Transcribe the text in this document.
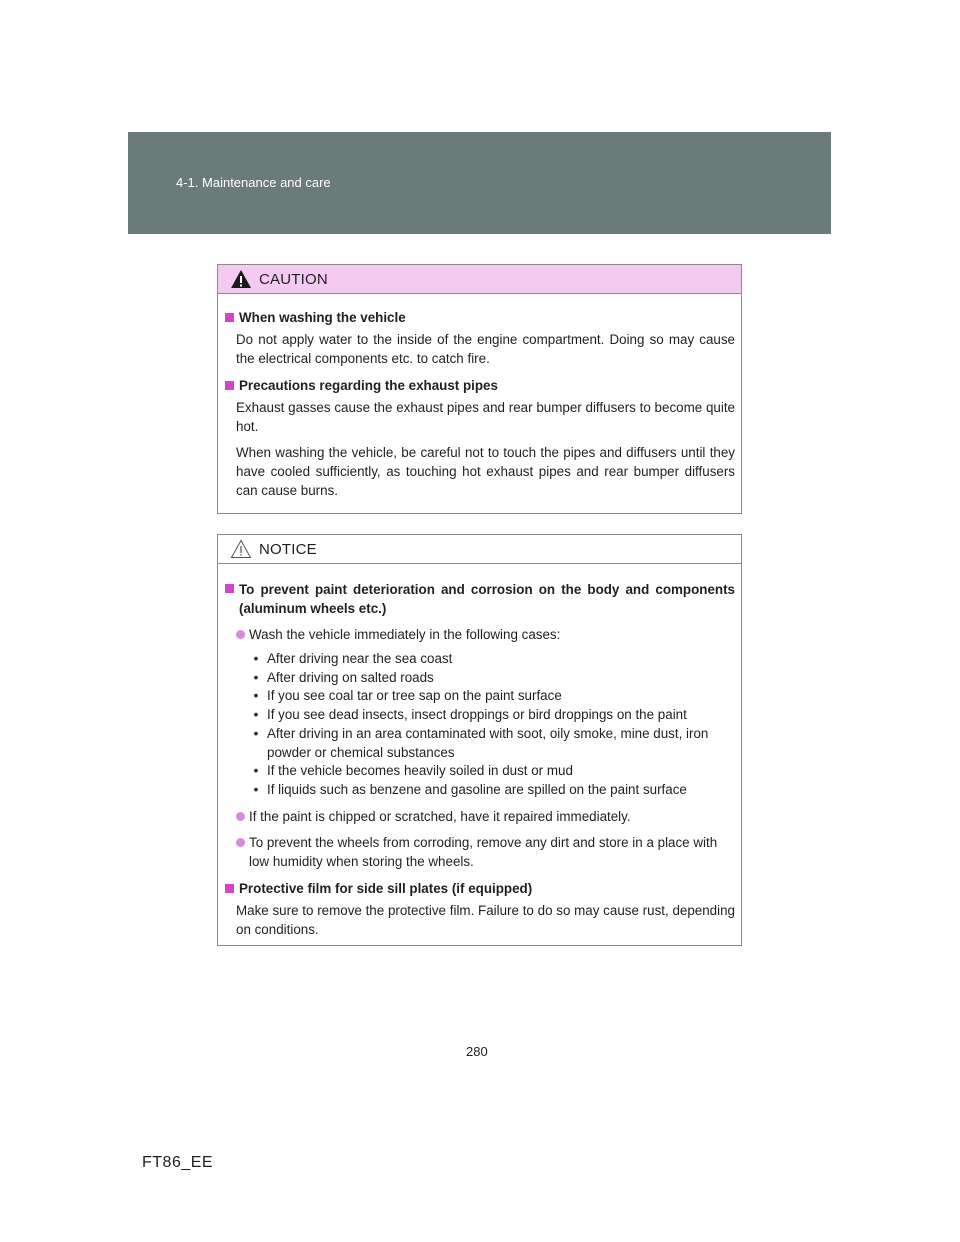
4-1. Maintenance and care
CAUTION
When washing the vehicle
Do not apply water to the inside of the engine compartment. Doing so may cause the electrical components etc. to catch fire.
Precautions regarding the exhaust pipes
Exhaust gasses cause the exhaust pipes and rear bumper diffusers to become quite hot.
When washing the vehicle, be careful not to touch the pipes and diffusers until they have cooled sufficiently, as touching hot exhaust pipes and rear bumper diffusers can cause burns.
NOTICE
To prevent paint deterioration and corrosion on the body and components (aluminum wheels etc.)
Wash the vehicle immediately in the following cases:
• After driving near the sea coast
• After driving on salted roads
• If you see coal tar or tree sap on the paint surface
• If you see dead insects, insect droppings or bird droppings on the paint
• After driving in an area contaminated with soot, oily smoke, mine dust, iron powder or chemical substances
• If the vehicle becomes heavily soiled in dust or mud
• If liquids such as benzene and gasoline are spilled on the paint surface
If the paint is chipped or scratched, have it repaired immediately.
To prevent the wheels from corroding, remove any dirt and store in a place with low humidity when storing the wheels.
Protective film for side sill plates (if equipped)
Make sure to remove the protective film. Failure to do so may cause rust, depending on conditions.
280
FT86_EE
